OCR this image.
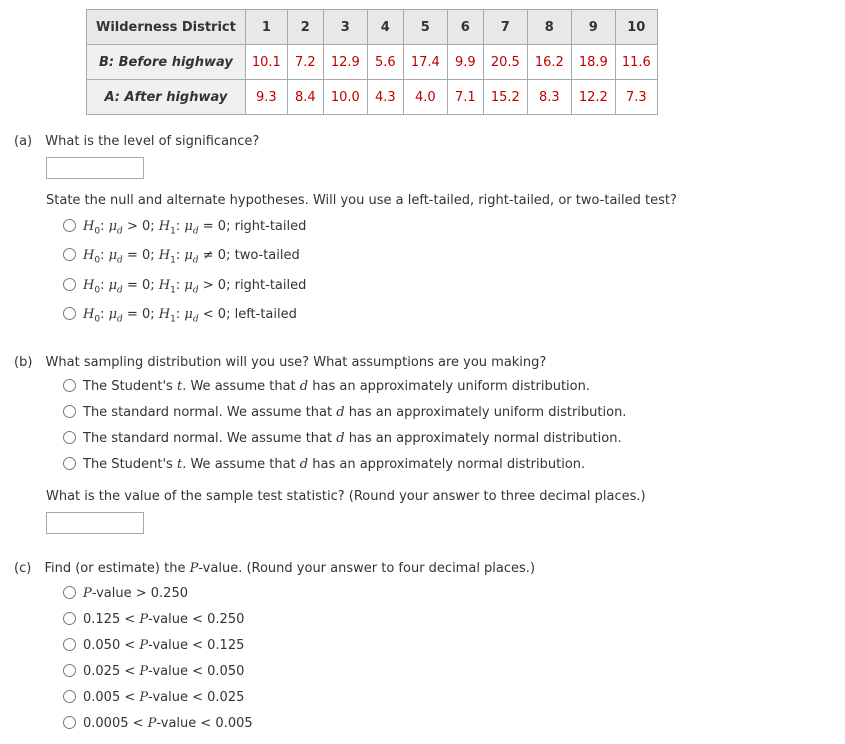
Wilderness District	1	2	3	4	5	6	7	8	9	10
B: Before highway	10.1	7.2	12.9	5.6	17.4	9.9	20.5	16.2	18.9	11.6
A: After highway	9.3	8.4	10.0	4.3	4.0	7.1	15.2	8.3	12.2	7.3
(a) What is the level of significance?
State the null and alternate hypotheses. Will you use a left-tailed, right-tailed, or two-tailed test?
$H_0$: $\mu_d > 0$; $H_1$: $\mu_d = 0$; right-tailed
$H_0$: $\mu_d = 0$; $H_1$: $\mu_d \ne 0$; two-tailed
$H_0$: $\mu_d = 0$; $H_1$: $\mu_d > 0$; right-tailed
$H_0$: $\mu_d = 0$; $H_1$: $\mu_d < 0$; left-tailed
(b) What sampling distribution will you use? What assumptions are you making?
The Student's t. We assume that d has an approximately uniform distribution.
The standard normal. We assume that d has an approximately uniform distribution.
The standard normal. We assume that d has an approximately normal distribution.
The Student's t. We assume that d has an approximately normal distribution.
What is the value of the sample test statistic? (Round your answer to three decimal places.)
(c) Find (or estimate) the P-value. (Round your answer to four decimal places.)
P-value > 0.250
0.125 < P-value < 0.250
0.050 < P-value < 0.125
0.025 < P-value < 0.050
0.005 < P-value < 0.025
0.0005 < P-value < 0.005
